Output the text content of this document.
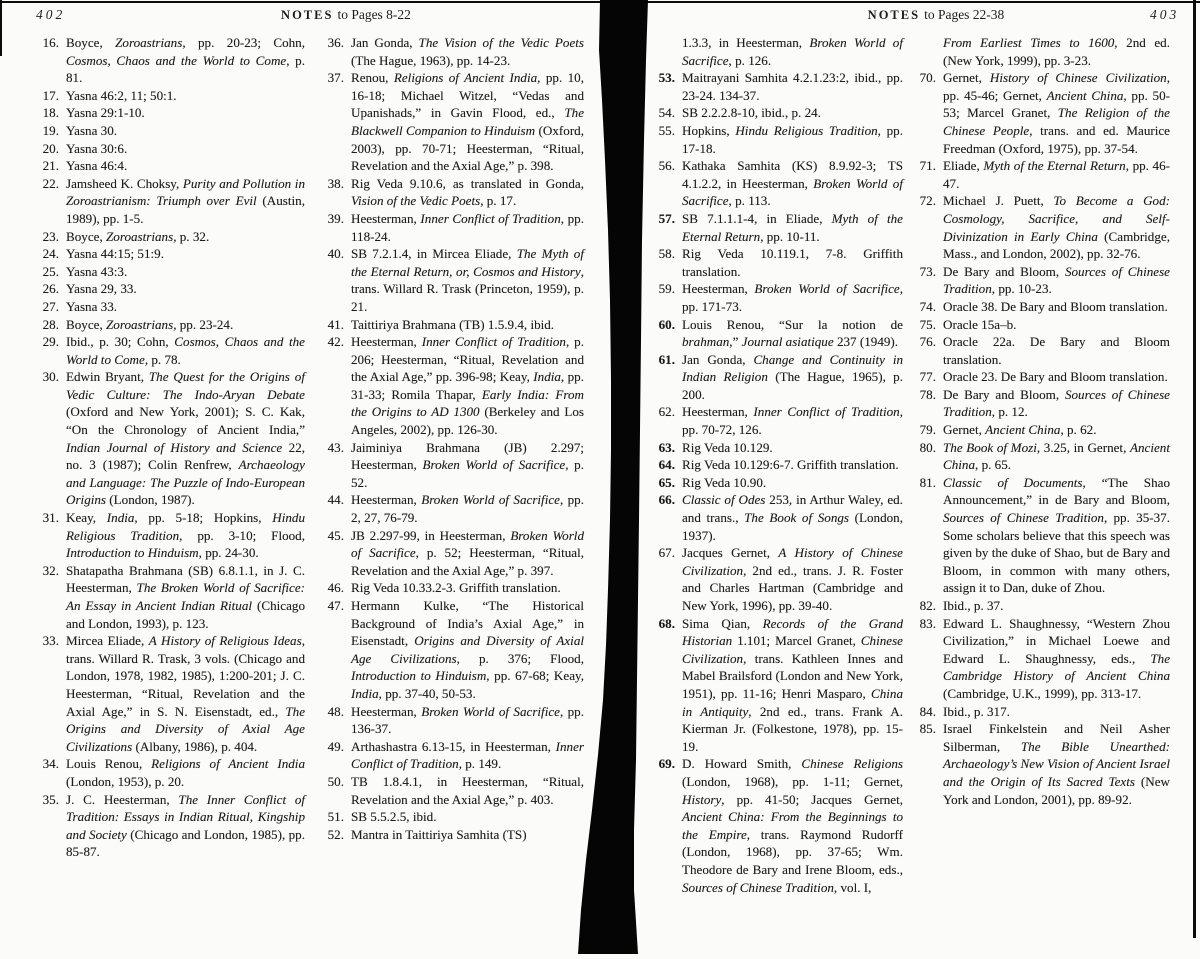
402	NOTES to Pages 8-22
16. Boyce, Zoroastrians, pp. 20-23; Cohn, Cosmos, Chaos and the World to Come, p. 81.
17. Yasna 46:2, 11; 50:1.
18. Yasna 29:1-10.
19. Yasna 30.
20. Yasna 30:6.
21. Yasna 46:4.
22. Jamsheed K. Choksy, Purity and Pollution in Zoroastrianism: Triumph over Evil (Austin, 1989), pp. 1-5.
23. Boyce, Zoroastrians, p. 32.
24. Yasna 44:15; 51:9.
25. Yasna 43:3.
26. Yasna 29, 33.
27. Yasna 33.
28. Boyce, Zoroastrians, pp. 23-24.
29. Ibid., p. 30; Cohn, Cosmos, Chaos and the World to Come, p. 78.
30. Edwin Bryant, The Quest for the Origins of Vedic Culture: The Indo-Aryan Debate (Oxford and New York, 2001); S. C. Kak, “On the Chronology of Ancient India,” Indian Journal of History and Science 22, no. 3 (1987); Colin Renfrew, Archaeology and Language: The Puzzle of Indo-European Origins (London, 1987).
31. Keay, India, pp. 5-18; Hopkins, Hindu Religious Tradition, pp. 3-10; Flood, Introduction to Hinduism, pp. 24-30.
32. Shatapatha Brahmana (SB) 6.8.1.1, in J. C. Heesterman, The Broken World of Sacrifice: An Essay in Ancient Indian Ritual (Chicago and London, 1993), p. 123.
33. Mircea Eliade, A History of Religious Ideas, trans. Willard R. Trask, 3 vols. (Chicago and London, 1978, 1982, 1985), 1:200-201; J. C. Heesterman, “Ritual, Revelation and the Axial Age,” in S. N. Eisenstadt, ed., The Origins and Diversity of Axial Age Civilizations (Albany, 1986), p. 404.
34. Louis Renou, Religions of Ancient India (London, 1953), p. 20.
35. J. C. Heesterman, The Inner Conflict of Tradition: Essays in Indian Ritual, Kingship and Society (Chicago and London, 1985), pp. 85-87.
36. Jan Gonda, The Vision of the Vedic Poets (The Hague, 1963), pp. 14-23.
37. Renou, Religions of Ancient India, pp. 10, 16-18; Michael Witzel, “Vedas and Upanishads,” in Gavin Flood, ed., The Blackwell Companion to Hinduism (Oxford, 2003), pp. 70-71; Heesterman, “Ritual, Revelation and the Axial Age,” p. 398.
38. Rig Veda 9.10.6, as translated in Gonda, Vision of the Vedic Poets, p. 17.
39. Heesterman, Inner Conflict of Tradition, pp. 118-24.
40. SB 7.2.1.4, in Mircea Eliade, The Myth of the Eternal Return, or, Cosmos and History, trans. Willard R. Trask (Princeton, 1959), p. 21.
41. Taittiriya Brahmana (TB) 1.5.9.4, ibid.
42. Heesterman, Inner Conflict of Tradition, p. 206; Heesterman, “Ritual, Revelation and the Axial Age,” pp. 396-98; Keay, India, pp. 31-33; Romila Thapar, Early India: From the Origins to AD 1300 (Berkeley and Los Angeles, 2002), pp. 126-30.
43. Jaiminiya Brahmana (JB) 2.297; Heesterman, Broken World of Sacrifice, p. 52.
44. Heesterman, Broken World of Sacrifice, pp. 2, 27, 76-79.
45. JB 2.297-99, in Heesterman, Broken World of Sacrifice, p. 52; Heesterman, “Ritual, Revelation and the Axial Age,” p. 397.
46. Rig Veda 10.33.2-3. Griffith translation.
47. Hermann Kulke, “The Historical Background of India’s Axial Age,” in Eisenstadt, Origins and Diversity of Axial Age Civilizations, p. 376; Flood, Introduction to Hinduism, pp. 67-68; Keay, India, pp. 37-40, 50-53.
48. Heesterman, Broken World of Sacrifice, pp. 136-37.
49. Arthashastra 6.13-15, in Heesterman, Inner Conflict of Tradition, p. 149.
50. TB 1.8.4.1, in Heesterman, “Ritual, Revelation and the Axial Age,” p. 403.
51. SB 5.5.2.5, ibid.
52. Mantra in Taittiriya Samhita (TS)
NOTES to Pages 22-38	403
1.3.3, in Heesterman, Broken World of Sacrifice, p. 126.
53. Maitrayani Samhita 4.2.1.23:2, ibid., pp. 23-24. 134-37.
54. SB 2.2.2.8-10, ibid., p. 24.
55. Hopkins, Hindu Religious Tradition, pp. 17-18.
56. Kathaka Samhita (KS) 8.9.92-3; TS 4.1.2.2, in Heesterman, Broken World of Sacrifice, p. 113.
57. SB 7.1.1.1-4, in Eliade, Myth of the Eternal Return, pp. 10-11.
58. Rig Veda 10.119.1, 7-8. Griffith translation.
59. Heesterman, Broken World of Sacrifice, pp. 171-73.
60. Louis Renou, “Sur la notion de brahman,” Journal asiatique 237 (1949).
61. Jan Gonda, Change and Continuity in Indian Religion (The Hague, 1965), p. 200.
62. Heesterman, Inner Conflict of Tradition, pp. 70-72, 126.
63. Rig Veda 10.129.
64. Rig Veda 10.129:6-7. Griffith translation.
65. Rig Veda 10.90.
66. Classic of Odes 253, in Arthur Waley, ed. and trans., The Book of Songs (London, 1937).
67. Jacques Gernet, A History of Chinese Civilization, 2nd ed., trans. J. R. Foster and Charles Hartman (Cambridge and New York, 1996), pp. 39-40.
68. Sima Qian, Records of the Grand Historian 1.101; Marcel Granet, Chinese Civilization, trans. Kathleen Innes and Mabel Brailsford (London and New York, 1951), pp. 11-16; Henri Masparo, China in Antiquity, 2nd ed., trans. Frank A. Kierman Jr. (Folkestone, 1978), pp. 15-19.
69. D. Howard Smith, Chinese Religions (London, 1968), pp. 1-11; Gernet, History, pp. 41-50; Jacques Gernet, Ancient China: From the Beginnings to the Empire, trans. Raymond Rudorff (London, 1968), pp. 37-65; Wm. Theodore de Bary and Irene Bloom, eds., Sources of Chinese Tradition, vol. I,
From Earliest Times to 1600, 2nd ed. (New York, 1999), pp. 3-23.
70. Gernet, History of Chinese Civilization, pp. 45-46; Gernet, Ancient China, pp. 50-53; Marcel Granet, The Religion of the Chinese People, trans. and ed. Maurice Freedman (Oxford, 1975), pp. 37-54.
71. Eliade, Myth of the Eternal Return, pp. 46-47.
72. Michael J. Puett, To Become a God: Cosmology, Sacrifice, and Self-Divinization in Early China (Cambridge, Mass., and London, 2002), pp. 32-76.
73. De Bary and Bloom, Sources of Chinese Tradition, pp. 10-23.
74. Oracle 38. De Bary and Bloom translation.
75. Oracle 15a–b.
76. Oracle 22a. De Bary and Bloom translation.
77. Oracle 23. De Bary and Bloom translation.
78. De Bary and Bloom, Sources of Chinese Tradition, p. 12.
79. Gernet, Ancient China, p. 62.
80. The Book of Mozi, 3.25, in Gernet, Ancient China, p. 65.
81. Classic of Documents, “The Shao Announcement,” in de Bary and Bloom, Sources of Chinese Tradition, pp. 35-37. Some scholars believe that this speech was given by the duke of Shao, but de Bary and Bloom, in common with many others, assign it to Dan, duke of Zhou.
82. Ibid., p. 37.
83. Edward L. Shaughnessy, “Western Zhou Civilization,” in Michael Loewe and Edward L. Shaughnessy, eds., The Cambridge History of Ancient China (Cambridge, U.K., 1999), pp. 313-17.
84. Ibid., p. 317.
85. Israel Finkelstein and Neil Asher Silberman, The Bible Unearthed: Archaeology’s New Vision of Ancient Israel and the Origin of Its Sacred Texts (New York and London, 2001), pp. 89-92.
